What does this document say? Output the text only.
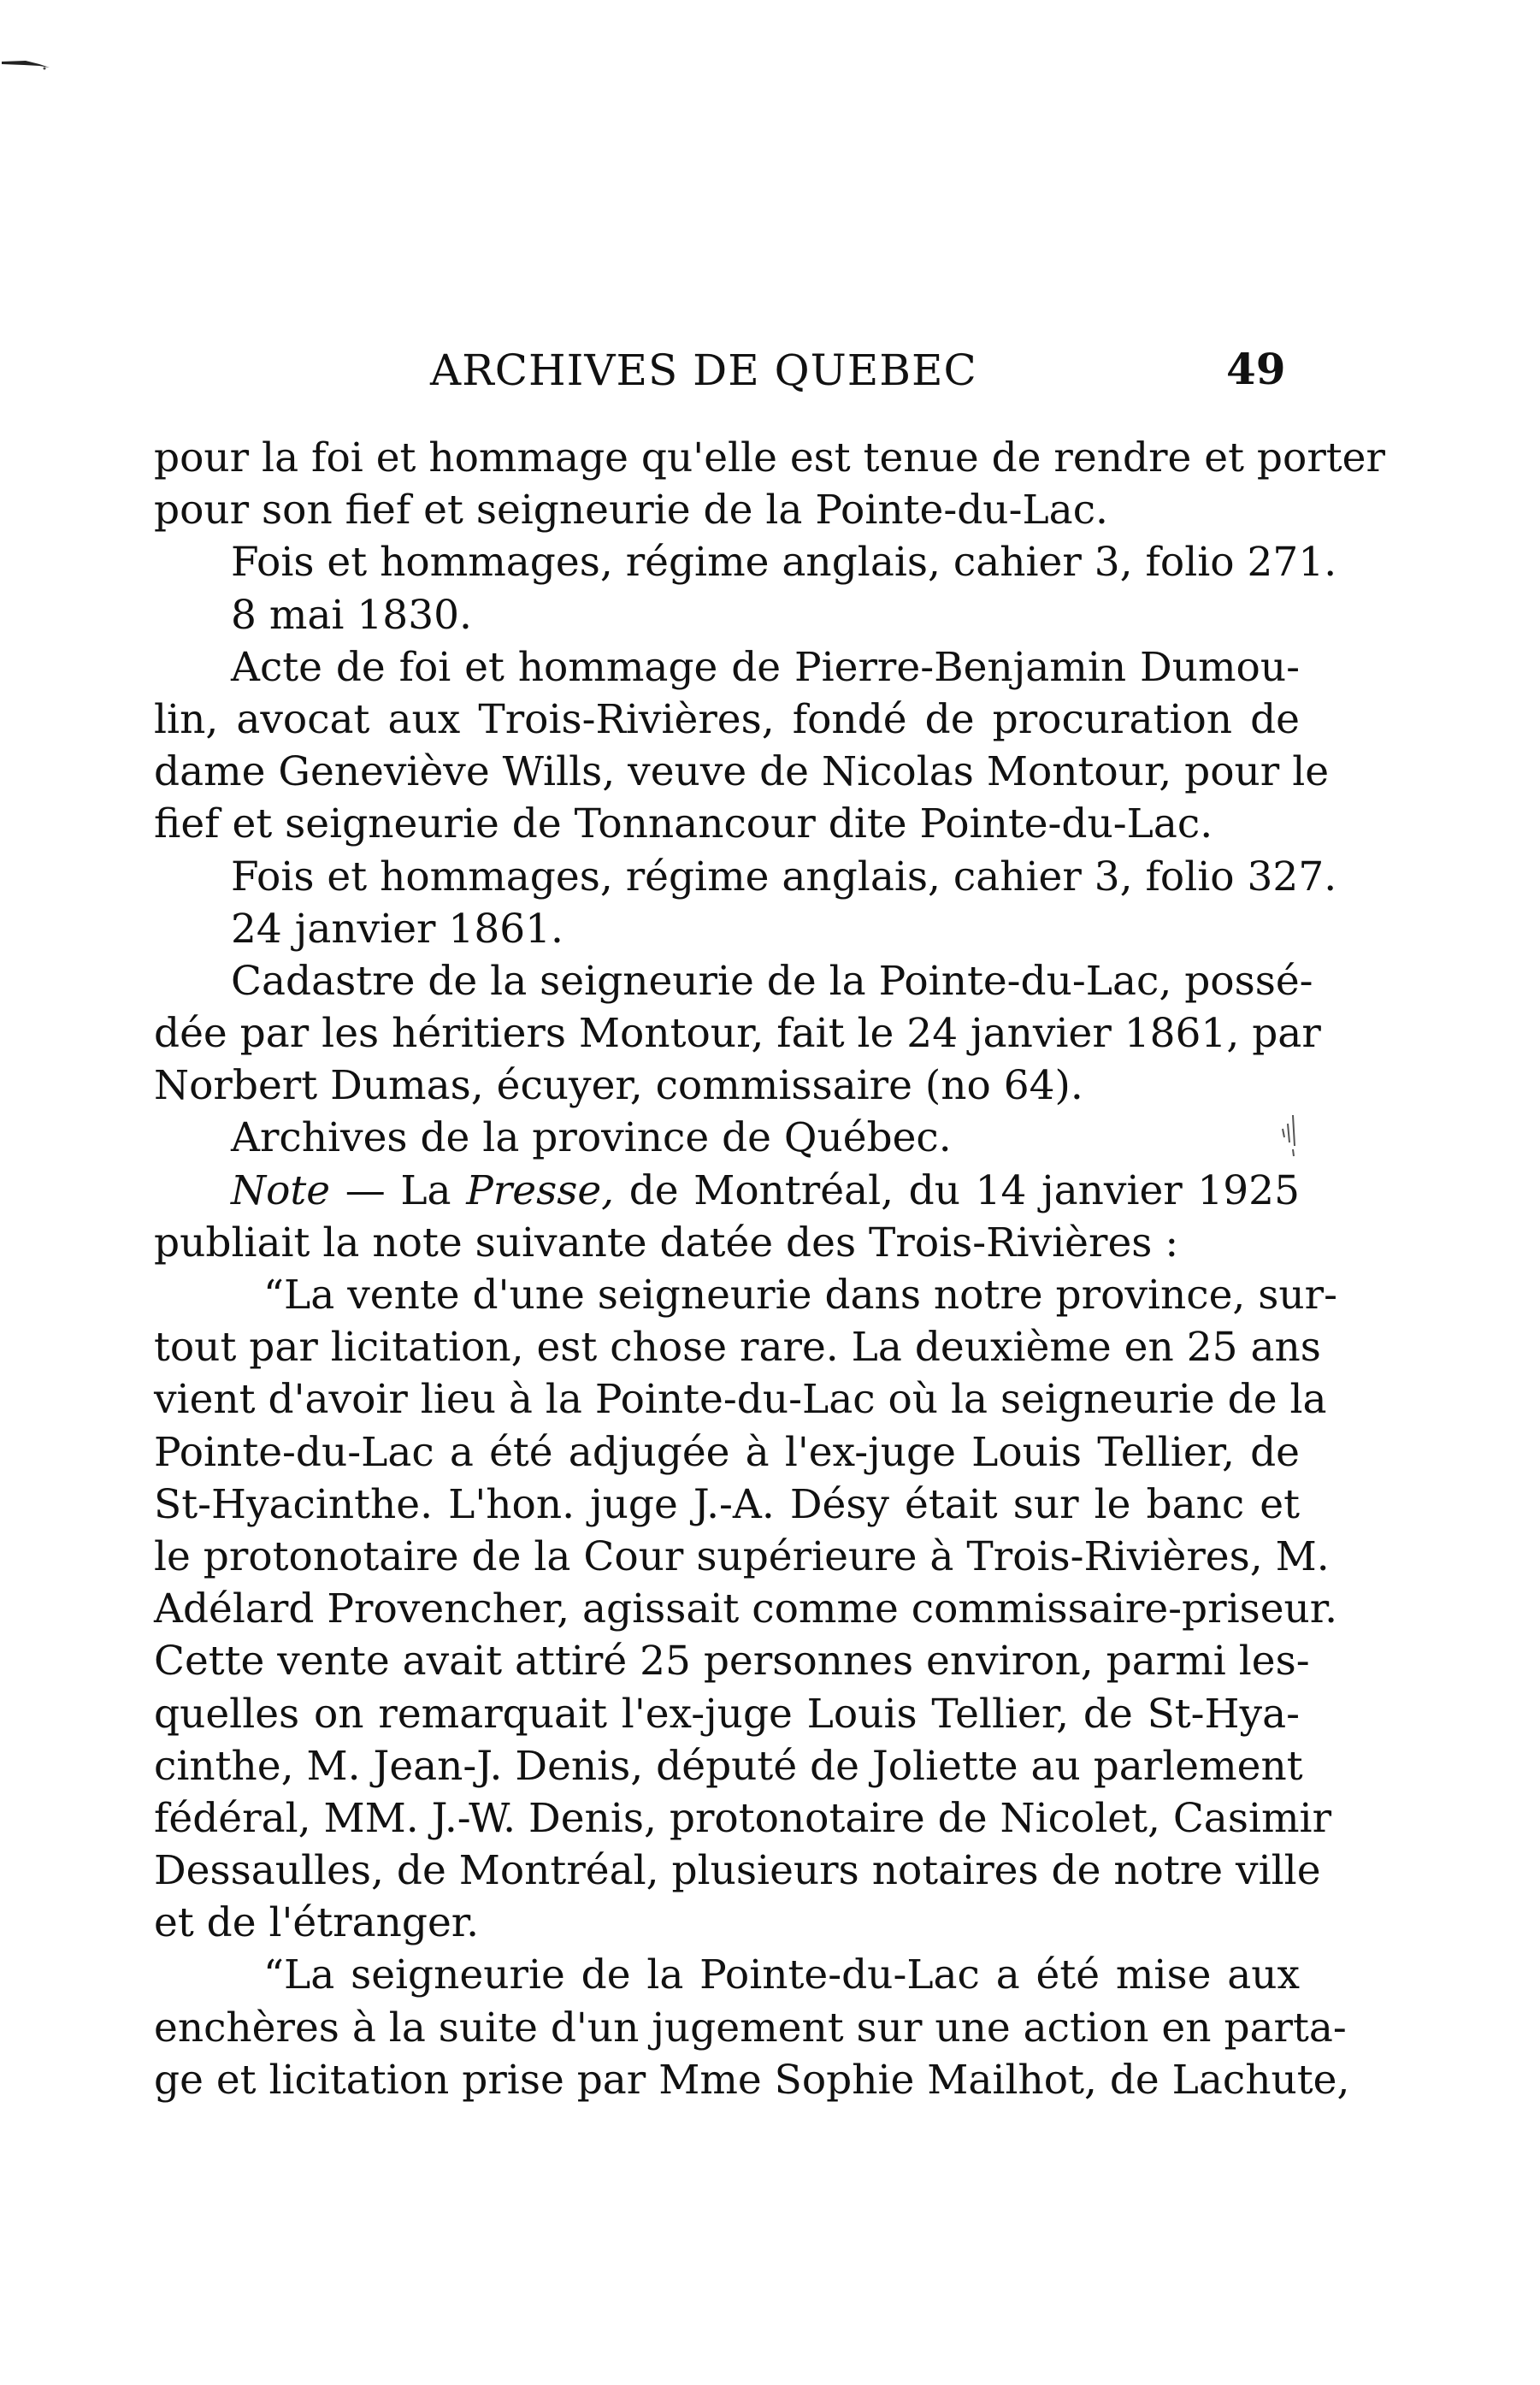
ARCHIVES DE QUEBEC	49
pour la foi et hommage qu'elle est tenue de rendre et porter
pour son fief et seigneurie de la Pointe-du-Lac.
Fois et hommages, régime anglais, cahier 3, folio 271.
8 mai 1830.
Acte de foi et hommage de Pierre-Benjamin Dumou-
lin, avocat aux Trois-Rivières, fondé de procuration de
dame Geneviève Wills, veuve de Nicolas Montour, pour le
fief et seigneurie de Tonnancour dite Pointe-du-Lac.
Fois et hommages, régime anglais, cahier 3, folio 327.
24 janvier 1861.
Cadastre de la seigneurie de la Pointe-du-Lac, possé-
dée par les héritiers Montour, fait le 24 janvier 1861, par
Norbert Dumas, écuyer, commissaire (no 64).
Archives de la province de Québec.
Note — La Presse, de Montréal, du 14 janvier 1925
publiait la note suivante datée des Trois-Rivières :
“La vente d'une seigneurie dans notre province, sur-
tout par licitation, est chose rare. La deuxième en 25 ans
vient d'avoir lieu à la Pointe-du-Lac où la seigneurie de la
Pointe-du-Lac a été adjugée à l'ex-juge Louis Tellier, de
St-Hyacinthe. L'hon. juge J.-A. Désy était sur le banc et
le protonotaire de la Cour supérieure à Trois-Rivières, M.
Adélard Provencher, agissait comme commissaire-priseur.
Cette vente avait attiré 25 personnes environ, parmi les-
quelles on remarquait l'ex-juge Louis Tellier, de St-Hya-
cinthe, M. Jean-J. Denis, député de Joliette au parlement
fédéral, MM. J.-W. Denis, protonotaire de Nicolet, Casimir
Dessaulles, de Montréal, plusieurs notaires de notre ville
et de l'étranger.
“La seigneurie de la Pointe-du-Lac a été mise aux
enchères à la suite d'un jugement sur une action en parta-
ge et licitation prise par Mme Sophie Mailhot, de Lachute,
